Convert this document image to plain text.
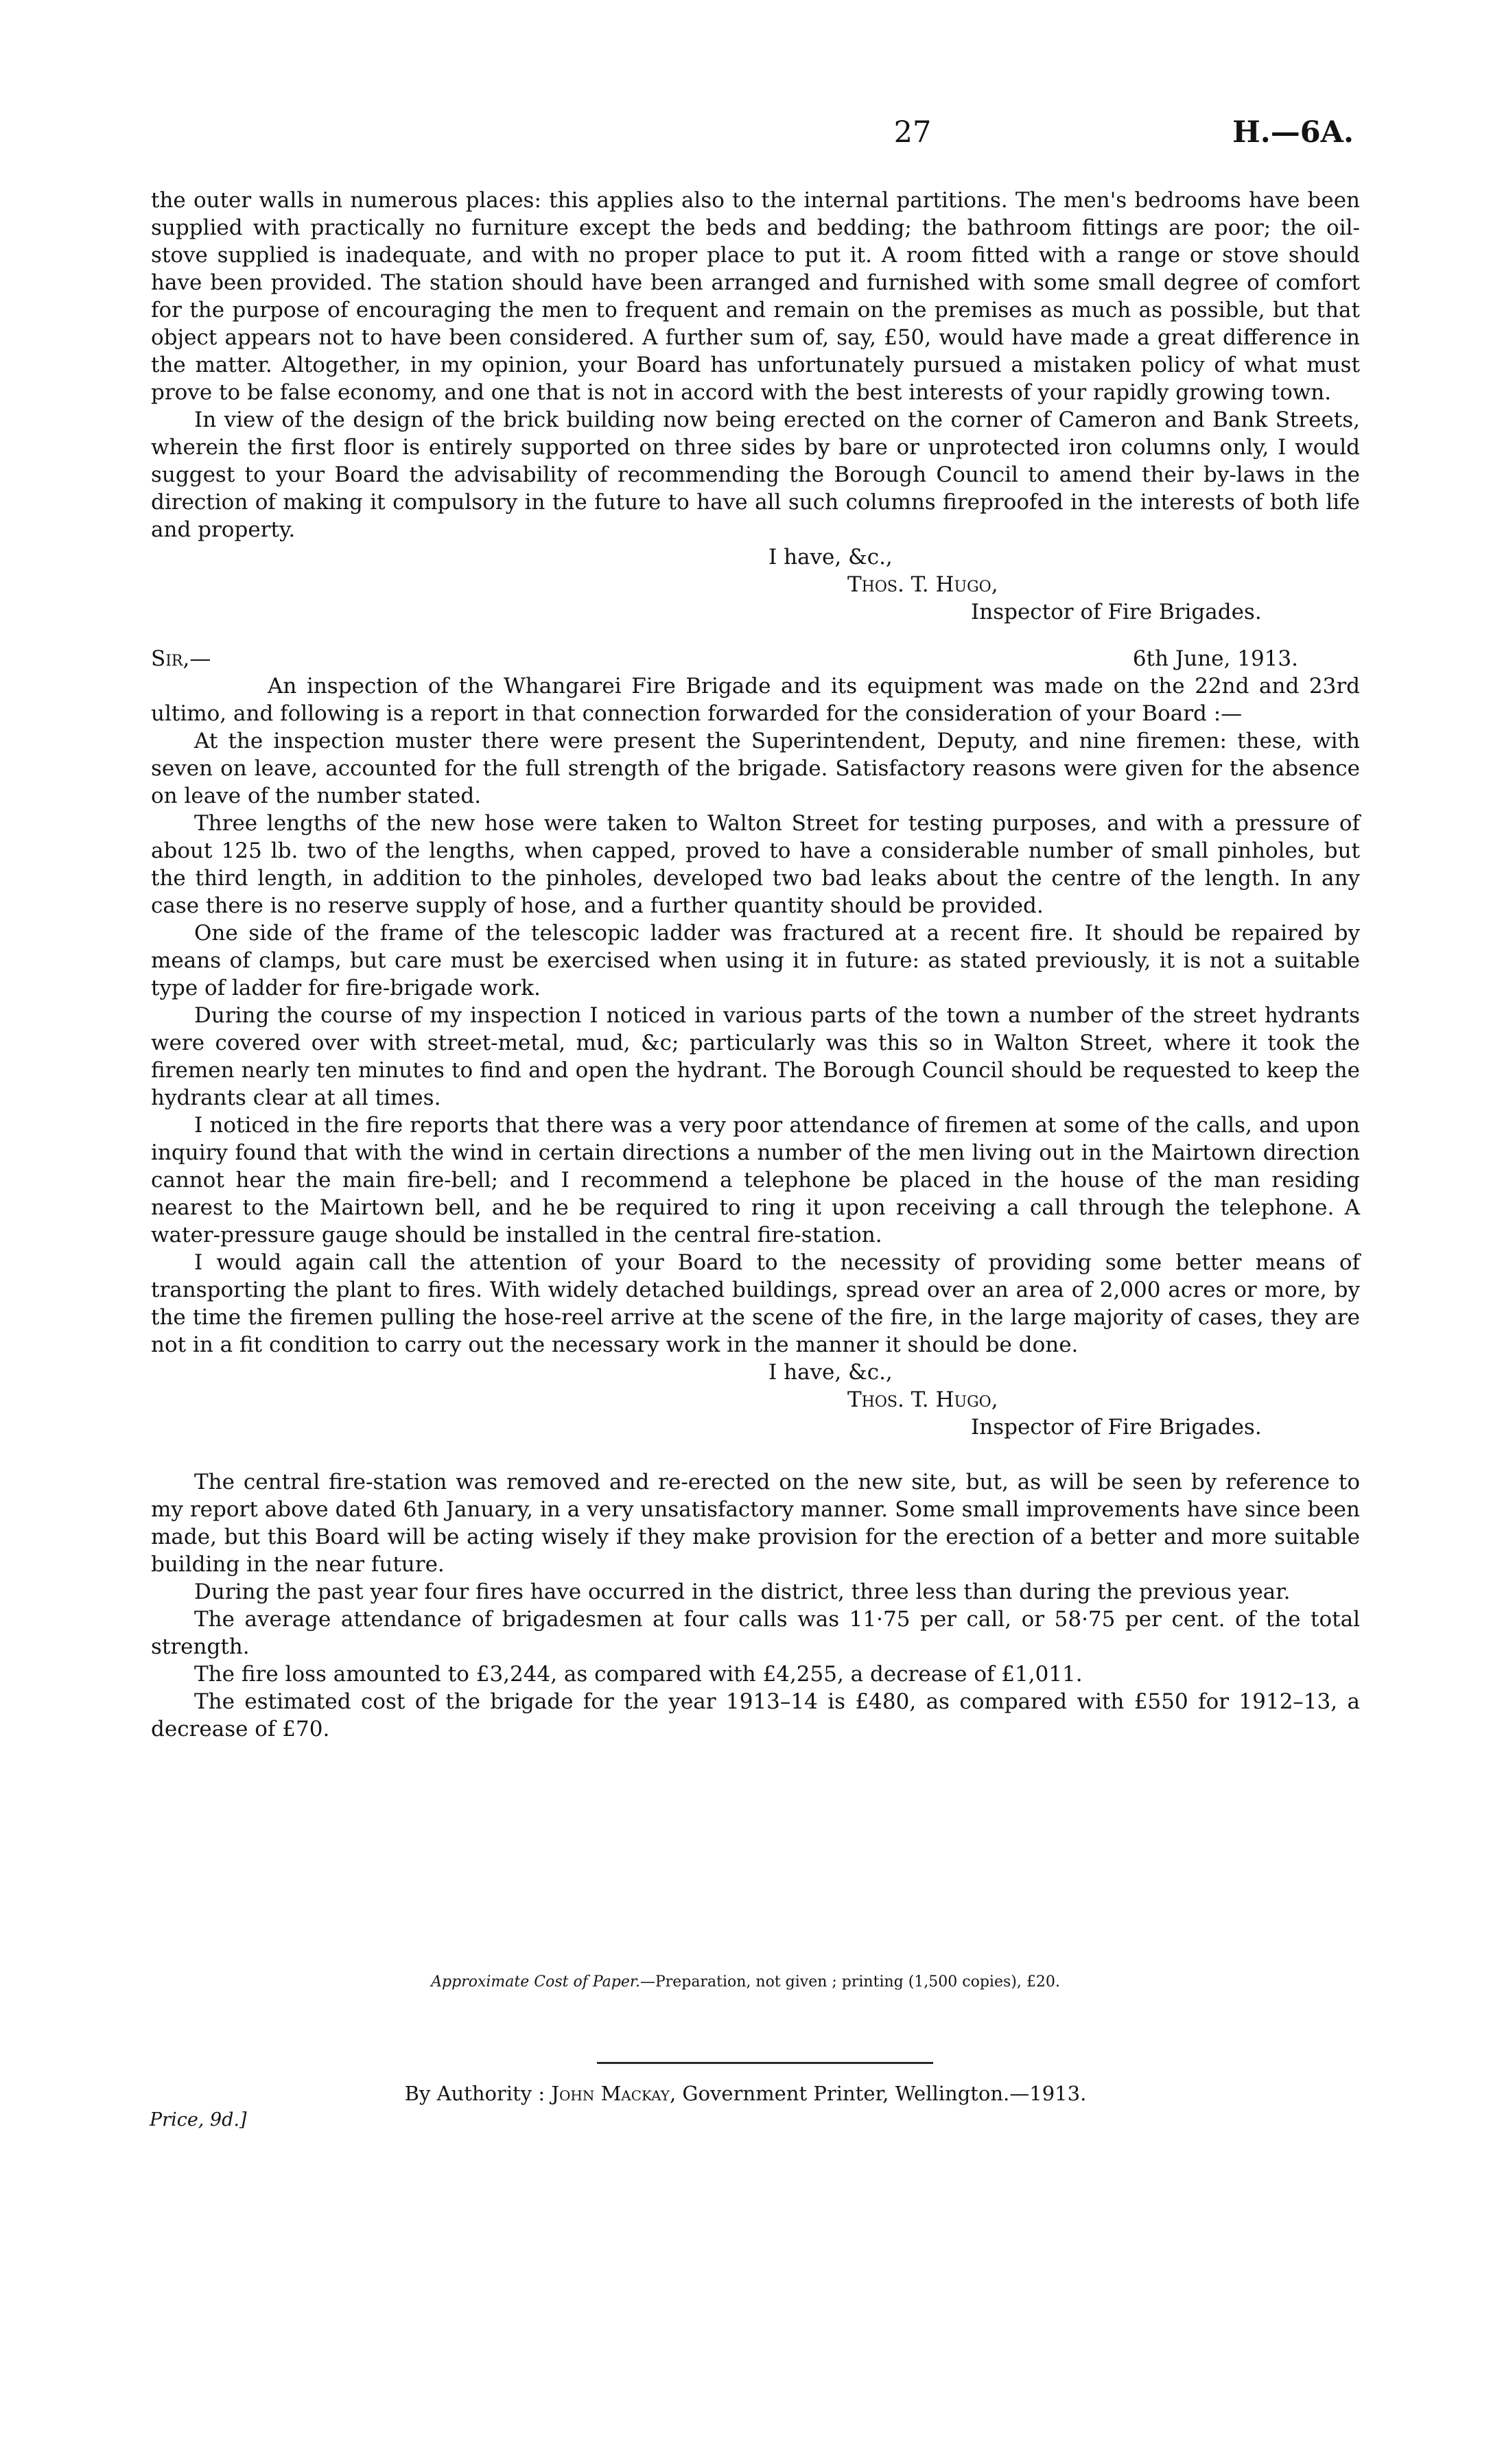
27	H.—6A.

the outer walls in numerous places: this applies also to the internal partitions. The men's bedrooms have been supplied with practically no furniture except the beds and bedding; the bathroom fittings are poor; the oil-stove supplied is inadequate, and with no proper place to put it. A room fitted with a range or stove should have been provided. The station should have been arranged and furnished with some small degree of comfort for the purpose of encouraging the men to frequent and remain on the premises as much as possible, but that object appears not to have been considered. A further sum of, say, £50, would have made a great difference in the matter. Altogether, in my opinion, your Board has unfortunately pursued a mistaken policy of what must prove to be false economy, and one that is not in accord with the best interests of your rapidly growing town.

In view of the design of the brick building now being erected on the corner of Cameron and Bank Streets, wherein the first floor is entirely supported on three sides by bare or unprotected iron columns only, I would suggest to your Board the advisability of recommending the Borough Council to amend their by-laws in the direction of making it compulsory in the future to have all such columns fireproofed in the interests of both life and property.

I have, &c.,

Thos. T. Hugo,

Inspector of Fire Brigades.

Sir,—	6th June, 1913.

An inspection of the Whangarei Fire Brigade and its equipment was made on the 22nd and 23rd ultimo, and following is a report in that connection forwarded for the consideration of your Board :—

At the inspection muster there were present the Superintendent, Deputy, and nine firemen: these, with seven on leave, accounted for the full strength of the brigade. Satisfactory reasons were given for the absence on leave of the number stated.

Three lengths of the new hose were taken to Walton Street for testing purposes, and with a pressure of about 125 lb. two of the lengths, when capped, proved to have a considerable number of small pinholes, but the third length, in addition to the pinholes, developed two bad leaks about the centre of the length. In any case there is no reserve supply of hose, and a further quantity should be provided.

One side of the frame of the telescopic ladder was fractured at a recent fire. It should be repaired by means of clamps, but care must be exercised when using it in future: as stated previously, it is not a suitable type of ladder for fire-brigade work.

During the course of my inspection I noticed in various parts of the town a number of the street hydrants were covered over with street-metal, mud, &c; particularly was this so in Walton Street, where it took the firemen nearly ten minutes to find and open the hydrant. The Borough Council should be requested to keep the hydrants clear at all times.

I noticed in the fire reports that there was a very poor attendance of firemen at some of the calls, and upon inquiry found that with the wind in certain directions a number of the men living out in the Mairtown direction cannot hear the main fire-bell; and I recommend a telephone be placed in the house of the man residing nearest to the Mairtown bell, and he be required to ring it upon receiving a call through the telephone. A water-pressure gauge should be installed in the central fire-station.

I would again call the attention of your Board to the necessity of providing some better means of transporting the plant to fires. With widely detached buildings, spread over an area of 2,000 acres or more, by the time the firemen pulling the hose-reel arrive at the scene of the fire, in the large majority of cases, they are not in a fit condition to carry out the necessary work in the manner it should be done.

I have, &c.,

Thos. T. Hugo,

Inspector of Fire Brigades.

The central fire-station was removed and re-erected on the new site, but, as will be seen by reference to my report above dated 6th January, in a very unsatisfactory manner. Some small improvements have since been made, but this Board will be acting wisely if they make provision for the erection of a better and more suitable building in the near future.

During the past year four fires have occurred in the district, three less than during the previous year.

The average attendance of brigadesmen at four calls was 11·75 per call, or 58·75 per cent. of the total strength.

The fire loss amounted to £3,244, as compared with £4,255, a decrease of £1,011.

The estimated cost of the brigade for the year 1913–14 is £480, as compared with £550 for 1912–13, a decrease of £70.

Approximate Cost of Paper.—Preparation, not given ; printing (1,500 copies), £20.
By Authority : John Mackay, Government Printer, Wellington.—1913.
Price, 9d.]
